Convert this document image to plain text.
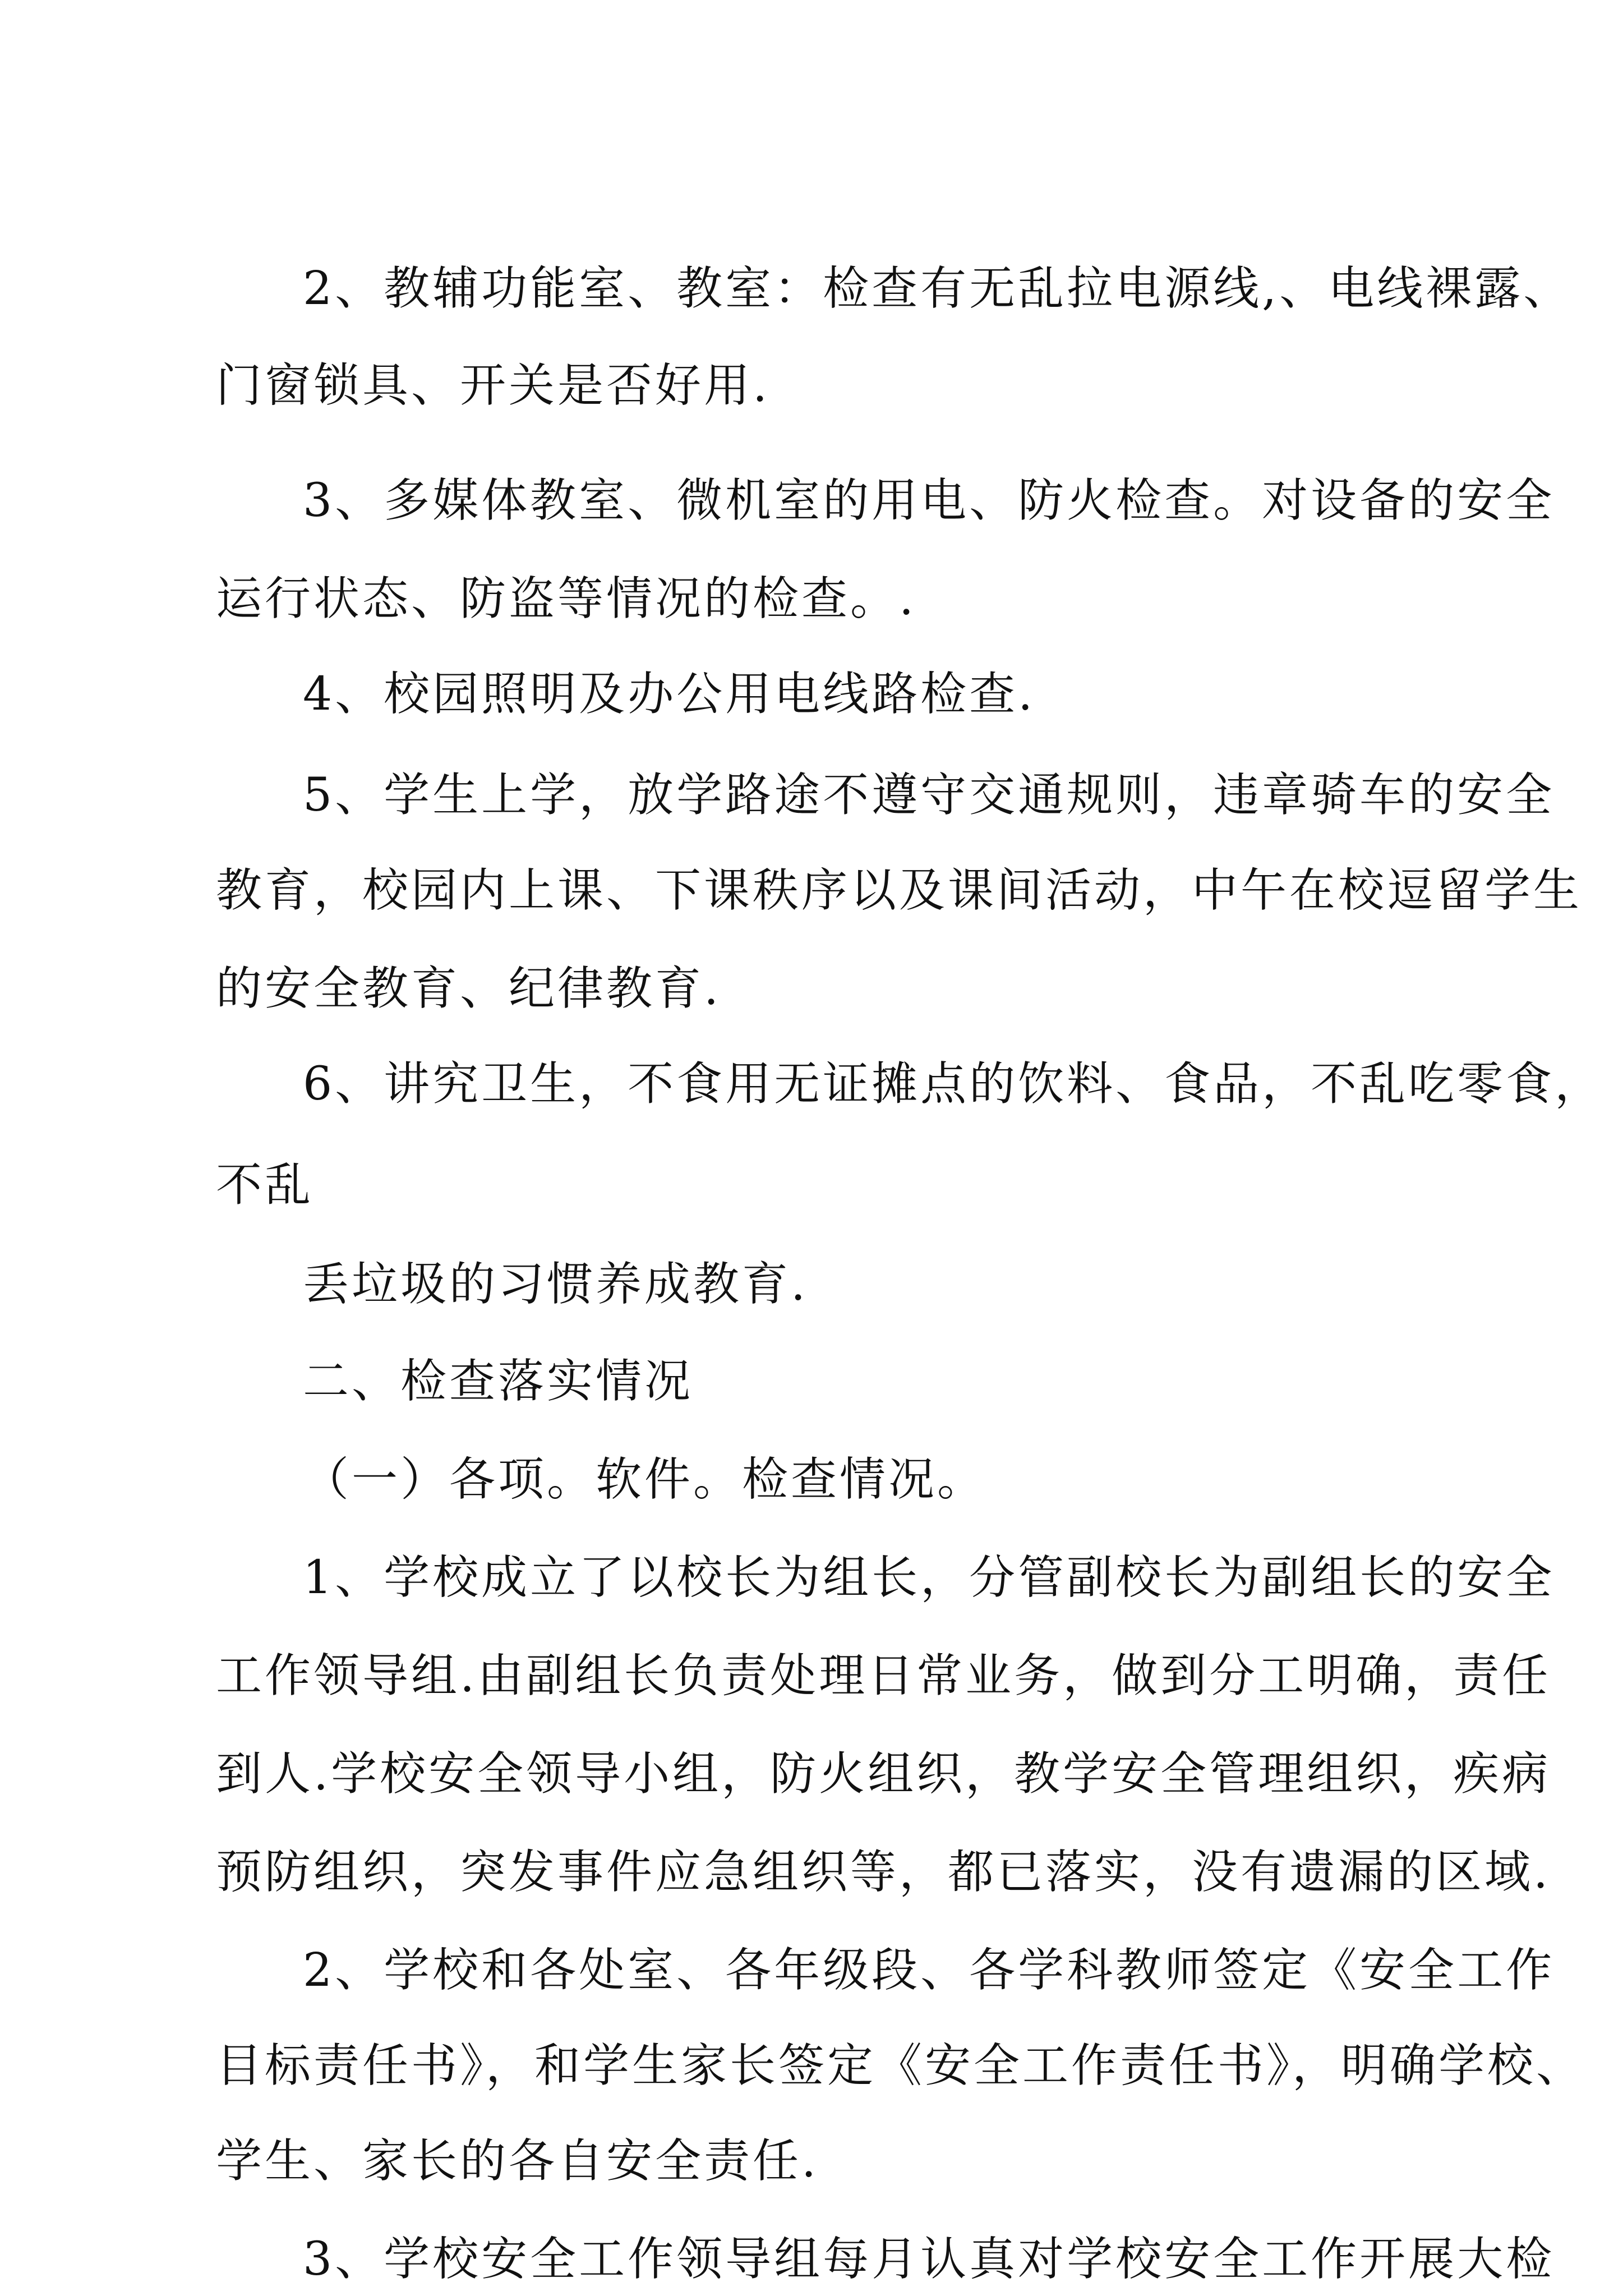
2、教辅功能室、教室：检查有无乱拉电源线,、电线裸露、

门窗锁具、开关是否好用.

3、多媒体教室、微机室的用电、防火检查。对设备的安全

运行状态、防盗等情况的检查。.

4、校园照明及办公用电线路检查.

5、学生上学，放学路途不遵守交通规则，违章骑车的安全

教育，校园内上课、下课秩序以及课间活动，中午在校逗留学生

的安全教育、纪律教育.

6、讲究卫生，不食用无证摊点的饮料、食品，不乱吃零食，

不乱

丢垃圾的习惯养成教育.

二、检查落实情况

（一）各项。软件。检查情况。

1、学校成立了以校长为组长，分管副校长为副组长的安全

工作领导组.由副组长负责处理日常业务，做到分工明确，责任

到人.学校安全领导小组，防火组织，教学安全管理组织，疾病

预防组织，突发事件应急组织等，都已落实，没有遗漏的区域.

2、学校和各处室、各年级段、各学科教师签定《安全工作

目标责任书》，和学生家长签定《安全工作责任书》，明确学校、

学生、家长的各自安全责任.

3、学校安全工作领导组每月认真对学校安全工作开展大检
